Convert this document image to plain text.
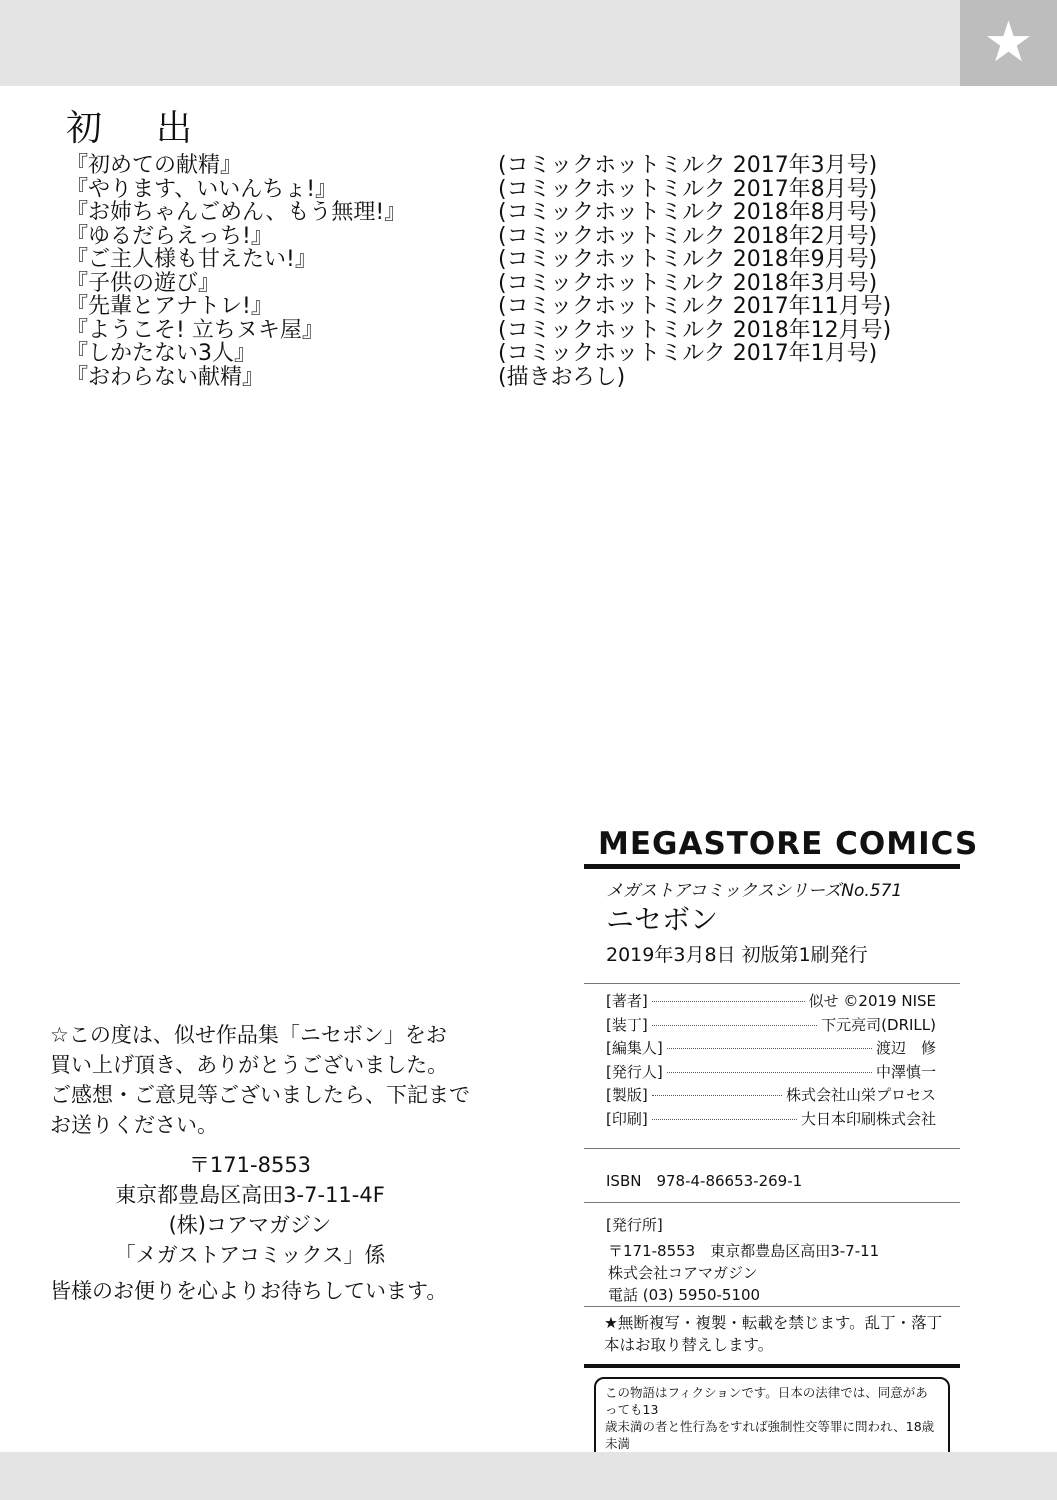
★
初出
『初めての献精』	(コミックホットミルク 2017年3月号)
『やります、いいんちょ!』	(コミックホットミルク 2017年8月号)
『お姉ちゃんごめん、もう無理!』	(コミックホットミルク 2018年8月号)
『ゆるだらえっち!』	(コミックホットミルク 2018年2月号)
『ご主人様も甘えたい!』	(コミックホットミルク 2018年9月号)
『子供の遊び』	(コミックホットミルク 2018年3月号)
『先輩とアナトレ!』	(コミックホットミルク 2017年11月号)
『ようこそ! 立ちヌキ屋』	(コミックホットミルク 2018年12月号)
『しかたない3人』	(コミックホットミルク 2017年1月号)
『おわらない献精』	(描きおろし)
☆この度は、似せ作品集「ニセボン」をお
買い上げ頂き、ありがとうございました。
ご感想・ご意見等ございましたら、下記まで
お送りください。
〒171-8553
東京都豊島区高田3-7-11-4F
(株)コアマガジン
「メガストアコミックス」係
皆様のお便りを心よりお待ちしています。
MEGASTORE COMICS
メガストアコミックスシリーズNo.571
ニセボン
2019年3月8日 初版第1刷発行
[著者]	似せ ©2019 NISE
[装丁]	下元亮司(DRILL)
[編集人]	渡辺　修
[発行人]	中澤慎一
[製版]	株式会社山栄プロセス
[印刷]	大日本印刷株式会社
ISBN　978-4-86653-269-1
[発行所]
〒171-8553　東京都豊島区高田3-7-11
株式会社コアマガジン
電話 (03) 5950-5100
★無断複写・複製・転載を禁じます。乱丁・落丁
本はお取り替えします。
この物語はフィクションです。日本の法律では、同意があっても13
歳未満の者と性行為をすれば強制性交等罪に問われ、18歳未満
